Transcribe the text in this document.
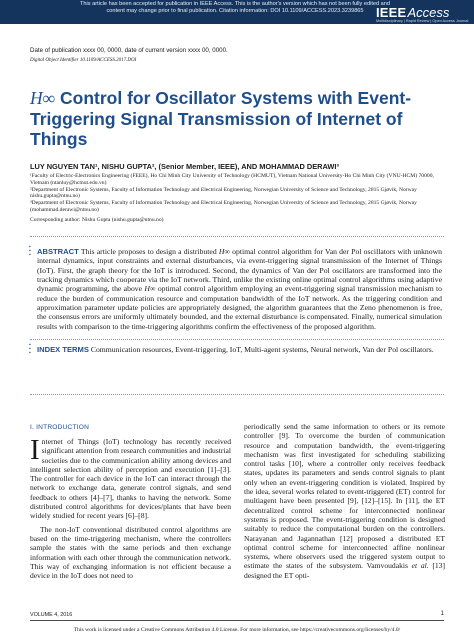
This article has been accepted for publication in IEEE Access. This is the author's version which has not been fully edited and
content may change prior to final publication. Citation information: DOI 10.1109/ACCESS.2023.3239865 IEEEAccess
Multidisciplinary | Rapid Review | Open Access Journal
Date of publication xxxx 00, 0000, date of current version xxxx 00, 0000.
Digital Object Identifier 10.1109/ACCESS.2017.DOI
H∞ Control for Oscillator Systems with Event-Triggering Signal Transmission of Internet of Things
LUY NGUYEN TAN¹, NISHU GUPTA², (Senior Member, IEEE), AND MOHAMMAD DERAWI³

¹Faculty of Electric-Electronics Engineering (FEEE), Ho Chi Minh City University of Technology (HCMUT), Vietnam National University-Ho Chi Minh City (VNU-HCM) 70000, Vietnam (ntanluy@hcmut.edu.vn)

²Department of Electronic Systems, Faculty of Information Technology and Electrical Engineering, Norwegian University of Science and Technology, 2815 Gjøvik, Norway nishu.gupta@ntnu.no)

³Department of Electronic Systems, Faculty of Information Technology and Electrical Engineering, Norwegian University of Science and Technology, 2815 Gjøvik, Norway (mohammad.derawi@ntnu.no)

Corresponding author: Nishu Gupta (nishu.gupta@ntnu.no)

▪
▪
▪ ABSTRACT This article proposes to design a distributed H∞ optimal control algorithm for Van der Pol oscillators with unknown internal dynamics, input constraints and external disturbances, via event-triggering signal transmission of the Internet of Things (IoT). First, the graph theory for the IoT is introduced. Second, the dynamics of Van der Pol oscillators are transformed into the tracking dynamics which cooperate via the IoT network. Third, unlike the existing online optimal control algorithms using adaptive dynamic programming, the above H∞ optimal control algorithm employing an event-triggering signal transmission mechanism to reduce the burden of communication resource and computation bandwidth of the IoT network. As the triggering condition and approximation parameter update policies are appropriately designed, the algorithm guarantees that the Zeno phenomenon is free, the consensus errors are uniformly ultimately bounded, and the external disturbance is compensated. Finally, numerical simulation results with comparison to the time-triggering algorithms confirm the effectiveness of the proposed algorithm.
▪
▪
▪ INDEX TERMS Communication resources, Event-triggering, IoT, Multi-agent systems, Neural network, Van der Pol oscillators.
I. INTRODUCTION

Internet of Things (IoT) technology has recently received significant attention from research communities and industrial societies due to the communication ability among devices and intelligent selection ability of perception and execution [1]–[3]. The controller for each device in the IoT can interact through the network to exchange data, generate control signals, and send feedback to others [4]–[7], thanks to having the network. Some distributed control algorithms for devices/plants that have been widely studied for recent years [6]–[8].

The non-IoT conventional distributed control algorithms are based on the time-triggering mechanism, where the controllers sample the states with the same periods and then exchange information with each other through the communication network. This way of exchanging information is not efficient because a device in the IoT does not need to

periodically send the same information to others or its remote controller [9]. To overcome the burden of communication resource and computation bandwidth, the event-triggering mechanism was first investigated for scheduling stabilizing control tasks [10], where a controller only receives feedback states, updates its parameters and sends control signals to plant only when an event-triggering condition is violated. Inspired by the idea, several works related to event-triggered (ET) control for multiagent have been presented [9], [12]–[15]. In [11], the ET decentralized control scheme for interconnected nonlinear systems is proposed. The event-triggering condition is designed suitably to reduce the computational burden on the controllers. Narayanan and Jagannathan [12] proposed a distributed ET optimal control scheme for interconnected affine nonlinear systems, where observers used the triggered system output to estimate the states of the subsystem. Vamvoudakis et al. [13] designed the ET opti-

VOLUME 4, 2016	1
This work is licensed under a Creative Commons Attribution 4.0 License. For more information, see https://creativecommons.org/licenses/by/4.0/
